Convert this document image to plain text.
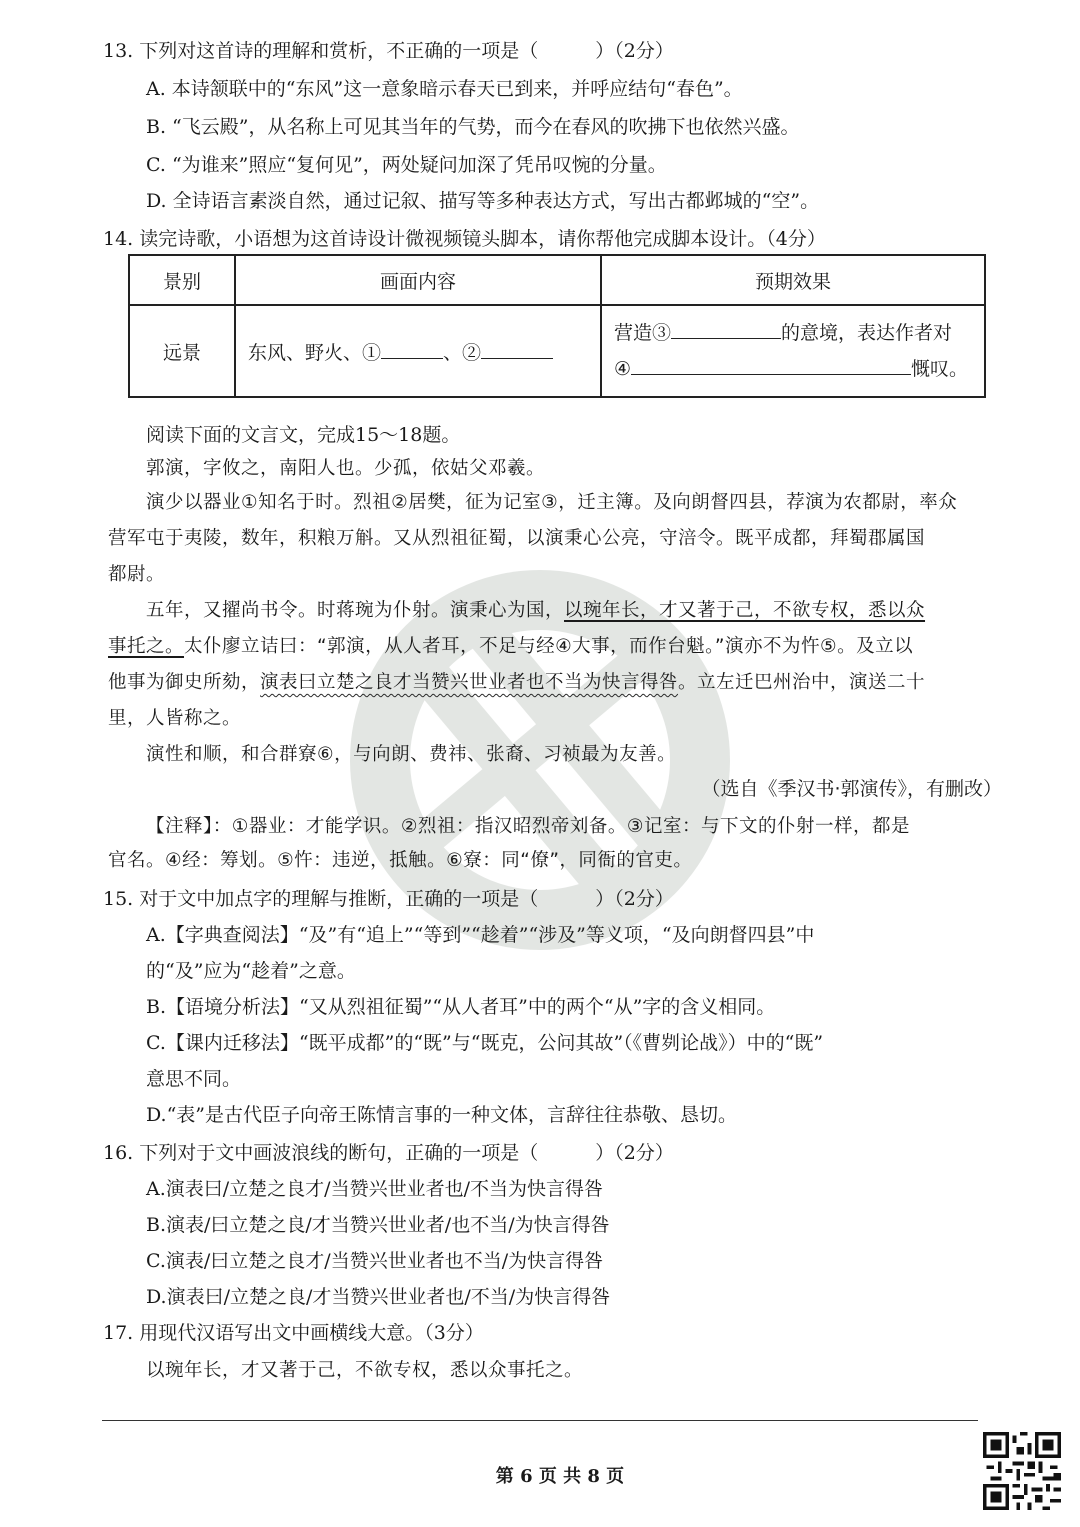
13. 下列对这首诗的理解和赏析，不正确的一项是（　　　）（2分）
A. 本诗颔联中的“东风”这一意象暗示春天已到来，并呼应结句“春色”。
B. “飞云殿”，从名称上可见其当年的气势，而今在春风的吹拂下也依然兴盛。
C. “为谁来”照应“复何见”，两处疑问加深了凭吊叹惋的分量。
D. 全诗语言素淡自然，通过记叙、描写等多种表达方式，写出古都邺城的“空”。
14. 读完诗歌，小语想为这首诗设计微视频镜头脚本，请你帮他完成脚本设计。（4分）
景别	画面内容	预期效果
远景	东风、野火、① 、②	营造③ 的意境，表达作者对
④ 慨叹。
阅读下面的文言文，完成15～18题。
郭演，字攸之，南阳人也。少孤，依姑父邓羲。
演少以器业①知名于时。烈祖②居樊，征为记室③，迁主簿。及向朗督四县，荐演为农都尉，率众
营军屯于夷陵，数年，积粮万斛。又从烈祖征蜀，以演秉心公亮，守涪令。既平成都，拜蜀郡属国
都尉。
五年，又擢尚书令。时蒋琬为仆射。演秉心为国，以琬年长，才又著于己，不欲专权，悉以众
事托之。太仆廖立诘曰：“郭演，从人者耳，不足与经④大事，而作台魁。”演亦不为忤⑤。及立以
他事为御史所劾，演表曰立楚之良才当赞兴世业者也不当为快言得咎。立左迁巴州治中，演送二十
里，人皆称之。
演性和顺，和合群寮⑥，与向朗、费祎、张裔、习祯最为友善。
（选自《季汉书·郭演传》，有删改）
【注释】：①器业：才能学识。②烈祖：指汉昭烈帝刘备。③记室：与下文的仆射一样，都是
官名。④经：筹划。⑤忤：违逆，抵触。⑥寮：同“僚”，同衙的官吏。
15. 对于文中加点字的理解与推断，正确的一项是（　　　）（2分）
A.【字典查阅法】“及”有“追上”“等到”“趁着”“涉及”等义项，“及向朗督四县”中
的“及”应为“趁着”之意。
B.【语境分析法】“又从烈祖征蜀”“从人者耳”中的两个“从”字的含义相同。
C.【课内迁移法】“既平成都”的“既”与“既克，公问其故”（《曹刿论战》）中的“既”
意思不同。
D.“表”是古代臣子向帝王陈情言事的一种文体，言辞往往恭敬、恳切。
16. 下列对于文中画波浪线的断句，正确的一项是（　　　）（2分）
A.演表曰/立楚之良才/当赞兴世业者也/不当为快言得咎
B.演表/曰立楚之良/才当赞兴世业者/也不当/为快言得咎
C.演表/曰立楚之良才/当赞兴世业者也不当/为快言得咎
D.演表曰/立楚之良/才当赞兴世业者也/不当/为快言得咎
17. 用现代汉语写出文中画横线大意。（3分）
以琬年长，才又著于己，不欲专权，悉以众事托之。
第 6 页 共 8 页
